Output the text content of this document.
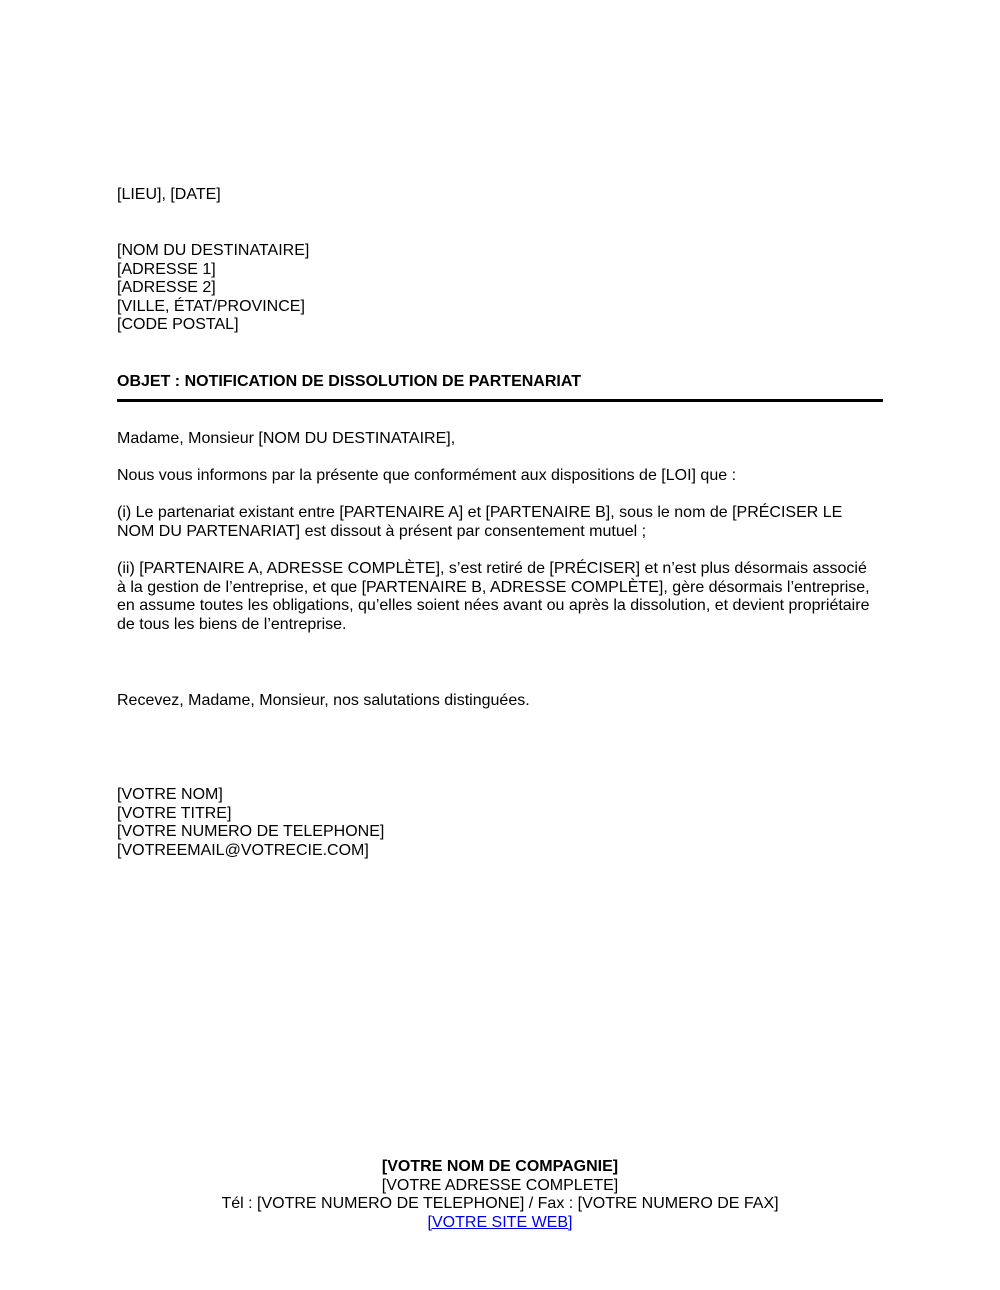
[LIEU], [DATE]
[NOM DU DESTINATAIRE]
[ADRESSE 1]
[ADRESSE 2]
[VILLE, ÉTAT/PROVINCE]
[CODE POSTAL]
OBJET : NOTIFICATION DE DISSOLUTION DE PARTENARIAT
Madame, Monsieur [NOM DU DESTINATAIRE],
Nous vous informons par la présente que conformément aux dispositions de [LOI] que :
(i) Le partenariat existant entre [PARTENAIRE A] et [PARTENAIRE B], sous le nom de [PRÉCISER LE NOM DU PARTENARIAT] est dissout à présent par consentement mutuel ;
(ii) [PARTENAIRE A, ADRESSE COMPLÈTE], s’est retiré de [PRÉCISER] et n’est plus désormais associé à la gestion de l’entreprise, et que [PARTENAIRE B, ADRESSE COMPLÈTE], gère désormais l’entreprise, en assume toutes les obligations, qu’elles soient nées avant ou après la dissolution, et devient propriétaire de tous les biens de l’entreprise.
Recevez, Madame, Monsieur, nos salutations distinguées.
[VOTRE NOM]
[VOTRE TITRE]
[VOTRE NUMERO DE TELEPHONE]
[VOTREEMAIL@VOTRECIE.COM]
[VOTRE NOM DE COMPAGNIE]
[VOTRE ADRESSE COMPLETE]
Tél : [VOTRE NUMERO DE TELEPHONE] / Fax : [VOTRE NUMERO DE FAX]
[VOTRE SITE WEB]
